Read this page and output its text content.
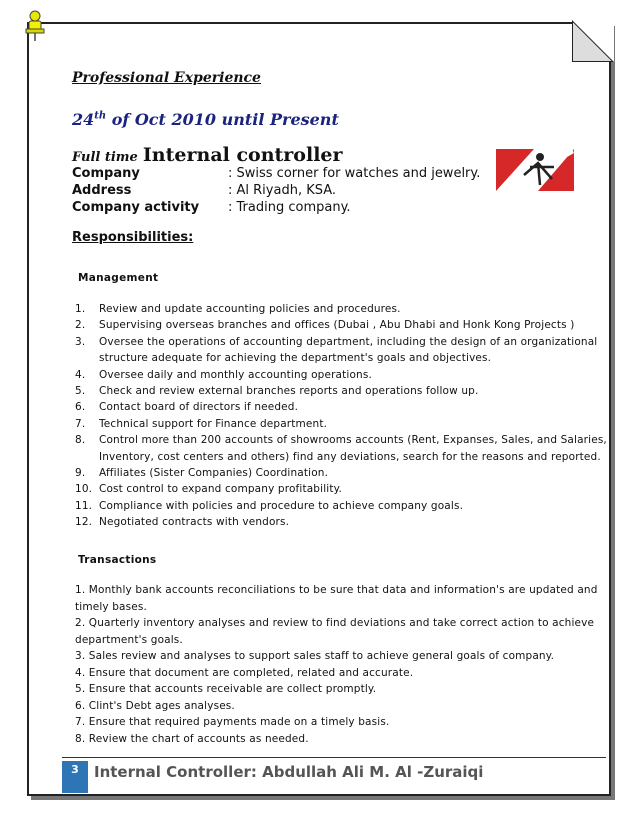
Professional Experience
24th of Oct 2010 until Present
Full time Internal controller
Company	: Swiss corner for watches and jewelry.
Address	: Al Riyadh, KSA.
Company activity	: Trading company.
Responsibilities:
Management
1. Review and update accounting policies and procedures.
2. Supervising overseas branches and offices (Dubai , Abu Dhabi and Honk Kong Projects )
3. Oversee the operations of accounting department, including the design of an organizational
structure adequate for achieving the department's goals and objectives.
4. Oversee daily and monthly accounting operations.
5. Check and review external branches reports and operations follow up.
6. Contact board of directors if needed.
7. Technical support for Finance department.
8. Control more than 200 accounts of showrooms accounts (Rent, Expanses, Sales, and Salaries,
Inventory, cost centers and others) find any deviations, search for the reasons and reported.
9. Affiliates (Sister Companies) Coordination.
10. Cost control to expand company profitability.
11. Compliance with policies and procedure to achieve company goals.
12. Negotiated contracts with vendors.
Transactions
1. Monthly bank accounts reconciliations to be sure that data and information's are updated and
timely bases.
2. Quarterly inventory analyses and review to find deviations and take correct action to achieve
department's goals.
3. Sales review and analyses to support sales staff to achieve general goals of company.
4. Ensure that document are completed, related and accurate.
5. Ensure that accounts receivable are collect promptly.
6. Clint's Debt ages analyses.
7. Ensure that required payments made on a timely basis.
8. Review the chart of accounts as needed.
3	Internal Controller: Abdullah Ali M. Al -Zuraiqi
